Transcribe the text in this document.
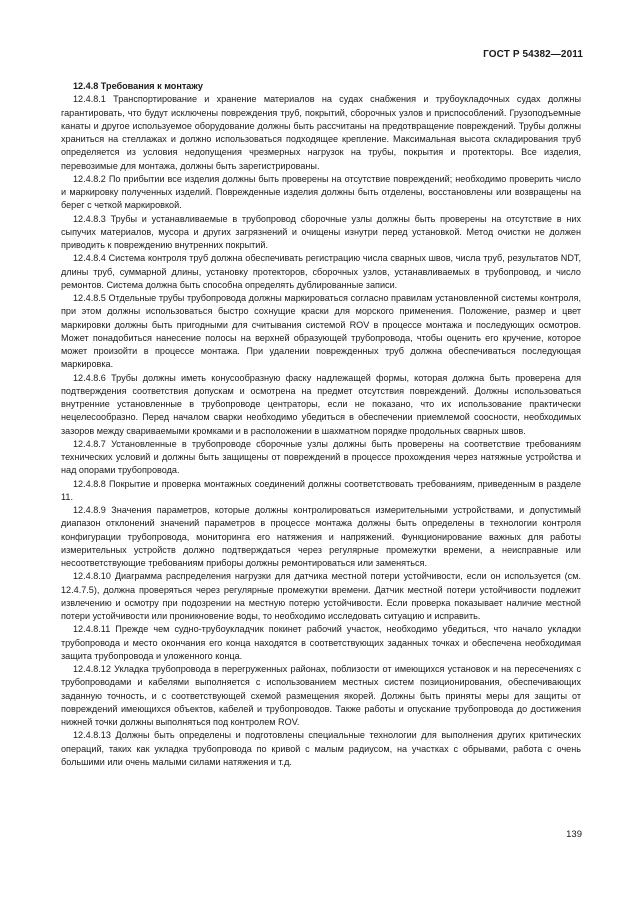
ГОСТ Р 54382—2011

12.4.8 Требования к монтажу

12.4.8.1 Транспортирование и хранение материалов на судах снабжения и трубоукладочных судах должны гарантировать, что будут исключены повреждения труб, покрытий, сборочных узлов и приспособлений. Грузоподъемные канаты и другое используемое оборудование должны быть рассчитаны на предотвращение повреждений. Трубы должны храниться на стеллажах и должно использоваться подходящее крепление. Максимальная высота складирования труб определяется из условия недопущения чрезмерных нагрузок на трубы, покрытия и протекторы. Все изделия, перевозимые для монтажа, должны быть зарегистрированы.

12.4.8.2 По прибытии все изделия должны быть проверены на отсутствие повреждений; необходимо проверить число и маркировку полученных изделий. Поврежденные изделия должны быть отделены, восстановлены или возвращены на берег с четкой маркировкой.

12.4.8.3 Трубы и устанавливаемые в трубопровод сборочные узлы должны быть проверены на отсутствие в них сыпучих материалов, мусора и других загрязнений и очищены изнутри перед установкой. Метод очистки не должен приводить к повреждению внутренних покрытий.

12.4.8.4 Система контроля труб должна обеспечивать регистрацию числа сварных швов, числа труб, результатов NDT, длины труб, суммарной длины, установку протекторов, сборочных узлов, устанавливаемых в трубопровод, и число ремонтов. Система должна быть способна определять дублированные записи.

12.4.8.5 Отдельные трубы трубопровода должны маркироваться согласно правилам установленной системы контроля, при этом должны использоваться быстро сохнущие краски для морского применения. Положение, размер и цвет маркировки должны быть пригодными для считывания системой ROV в процессе монтажа и последующих осмотров. Может понадобиться нанесение полосы на верхней образующей трубопровода, чтобы оценить его кручение, которое может произойти в процессе монтажа. При удалении поврежденных труб должна обеспечиваться последующая маркировка.

12.4.8.6 Трубы должны иметь конусообразную фаску надлежащей формы, которая должна быть проверена для подтверждения соответствия допускам и осмотрена на предмет отсутствия повреждений. Должны использоваться внутренние установленные в трубопроводе центраторы, если не показано, что их использование практически нецелесообразно. Перед началом сварки необходимо убедиться в обеспечении приемлемой соосности, необходимых зазоров между свариваемыми кромками и в расположении в шахматном порядке продольных сварных швов.

12.4.8.7 Установленные в трубопроводе сборочные узлы должны быть проверены на соответствие требованиям технических условий и должны быть защищены от повреждений в процессе прохождения через натяжные устройства и над опорами трубопровода.

12.4.8.8 Покрытие и проверка монтажных соединений должны соответствовать требованиям, приведенным в разделе 11.

12.4.8.9 Значения параметров, которые должны контролироваться измерительными устройствами, и допустимый диапазон отклонений значений параметров в процессе монтажа должны быть определены в технологии контроля конфигурации трубопровода, мониторинга его натяжения и напряжений. Функционирование важных для работы измерительных устройств должно подтверждаться через регулярные промежутки времени, а неисправные или несоответствующие требованиям приборы должны ремонтироваться или заменяться.

12.4.8.10 Диаграмма распределения нагрузки для датчика местной потери устойчивости, если он используется (см. 12.4.7.5), должна проверяться через регулярные промежутки времени. Датчик местной потери устойчивости подлежит извлечению и осмотру при подозрении на местную потерю устойчивости. Если проверка показывает наличие местной потери устойчивости или проникновение воды, то необходимо исследовать ситуацию и исправить.

12.4.8.11 Прежде чем судно-трубоукладчик покинет рабочий участок, необходимо убедиться, что начало укладки трубопровода и место окончания его конца находятся в соответствующих заданных точках и обеспечена необходимая защита трубопровода и уложенного конца.

12.4.8.12 Укладка трубопровода в перегруженных районах, поблизости от имеющихся установок и на пересечениях с трубопроводами и кабелями выполняется с использованием местных систем позиционирования, обеспечивающих заданную точность, и с соответствующей схемой размещения якорей. Должны быть приняты меры для защиты от повреждений имеющихся объектов, кабелей и трубопроводов. Также работы и опускание трубопровода до достижения нижней точки должны выполняться под контролем ROV.

12.4.8.13 Должны быть определены и подготовлены специальные технологии для выполнения других критических операций, таких как укладка трубопровода по кривой с малым радиусом, на участках с обрывами, работа с очень большими или очень малыми силами натяжения и т.д.

139
